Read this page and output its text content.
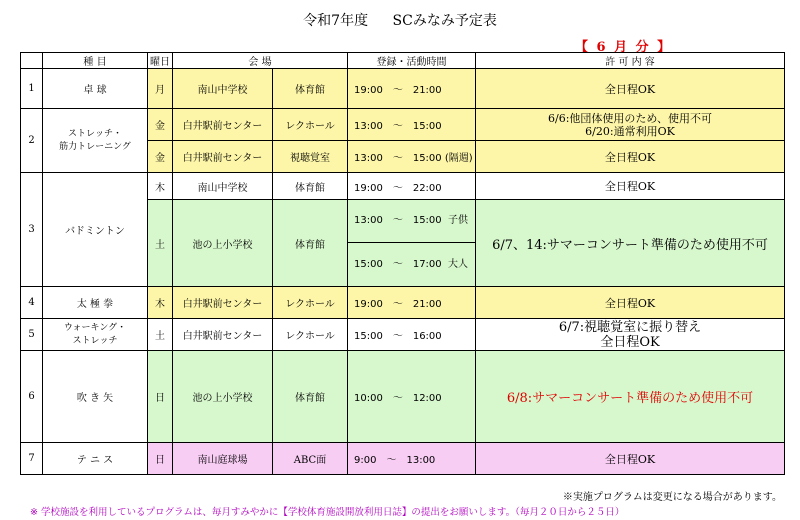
令和7年度 SCみなみ予定表
【 6 月 分 】
	種 目	曜日	会 場		登録・活動時間	許 可 内 容
1	卓 球	月	南山中学校	体育館	19:00 〜 21:00	全日程OK
2	ストレッチ・
筋力トレーニング	金	白井駅前センター	レクホール	13:00 〜 15:00	6/6:他団体使用のため、使用不可
6/20:通常利用OK
		金	白井駅前センター	視聴覚室	13:00 〜 15:00 (隔週)	全日程OK
3	バドミントン	木	南山中学校	体育館	19:00 〜 22:00	全日程OK
		土	池の上小学校	体育館	13:00 〜 15:00 子供
15:00 〜 17:00 大人	6/7、14:サマーコンサート準備のため使用不可
4	太 極 拳	木	白井駅前センター	レクホール	19:00 〜 21:00	全日程OK
5	ウォーキング・
ストレッチ	土	白井駅前センター	レクホール	15:00 〜 16:00	6/7:視聴覚室に振り替え
全日程OK
6	吹 き 矢	日	池の上小学校	体育館	10:00 〜 12:00	6/8:サマーコンサート準備のため使用不可
7	テ ニ ス	日	南山庭球場	ABC面	9:00 〜 13:00	全日程OK
※実施プログラムは変更になる場合があります。
※ 学校施設を利用しているプログラムは、毎月すみやかに【学校体育施設開放利用日誌】の提出をお願いします。（毎月２０日から２５日）
